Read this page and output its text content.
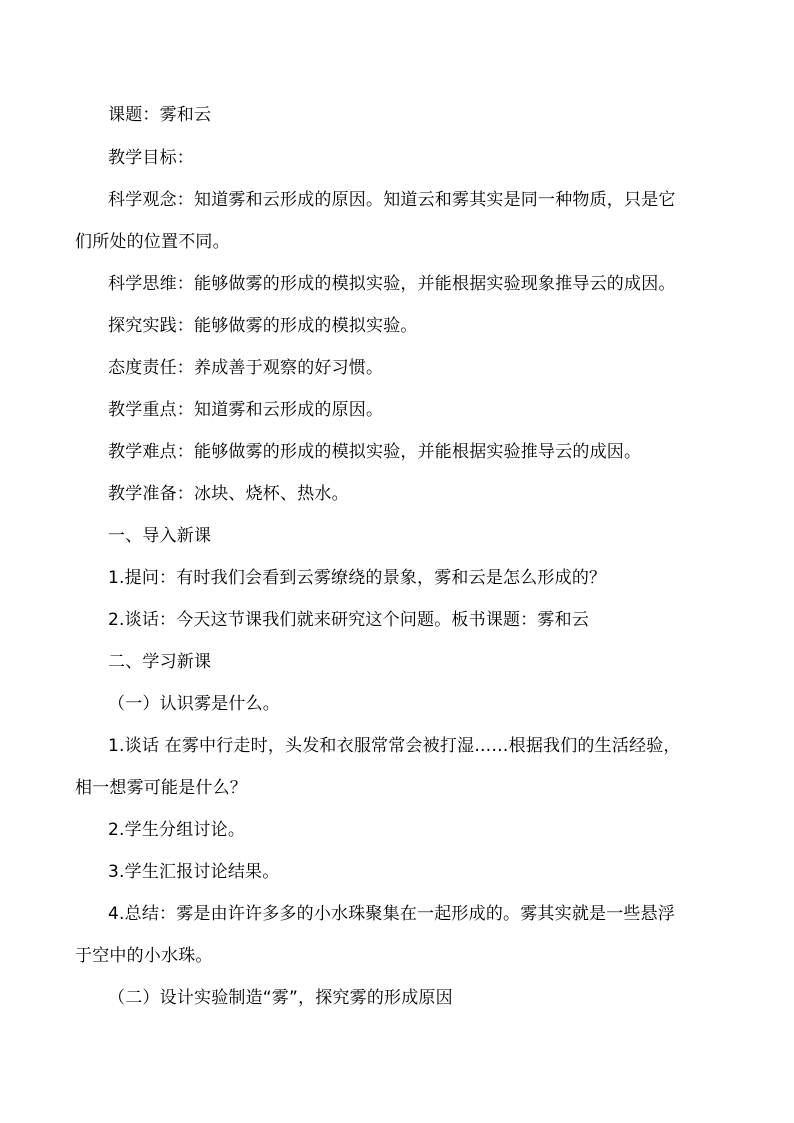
课题：雾和云
教学目标：
科学观念：知道雾和云形成的原因。知道云和雾其实是同一种物质，只是它
们所处的位置不同。
科学思维：能够做雾的形成的模拟实验，并能根据实验现象推导云的成因。
探究实践：能够做雾的形成的模拟实验。
态度责任：养成善于观察的好习惯。
教学重点：知道雾和云形成的原因。
教学难点：能够做雾的形成的模拟实验，并能根据实验推导云的成因。
教学准备：冰块、烧杯、热水。
一、导入新课
1.提问：有时我们会看到云雾缭绕的景象，雾和云是怎么形成的？
2.谈话：今天这节课我们就来研究这个问题。板书课题：雾和云
二、学习新课
（一）认识雾是什么。
1.谈话 在雾中行走时，头发和衣服常常会被打湿……根据我们的生活经验，
相一想雾可能是什么？
2.学生分组讨论。
3.学生汇报讨论结果。
4.总结：雾是由许许多多的小水珠聚集在一起形成的。雾其实就是一些悬浮
于空中的小水珠。
（二）设计实验制造“雾”，探究雾的形成原因
